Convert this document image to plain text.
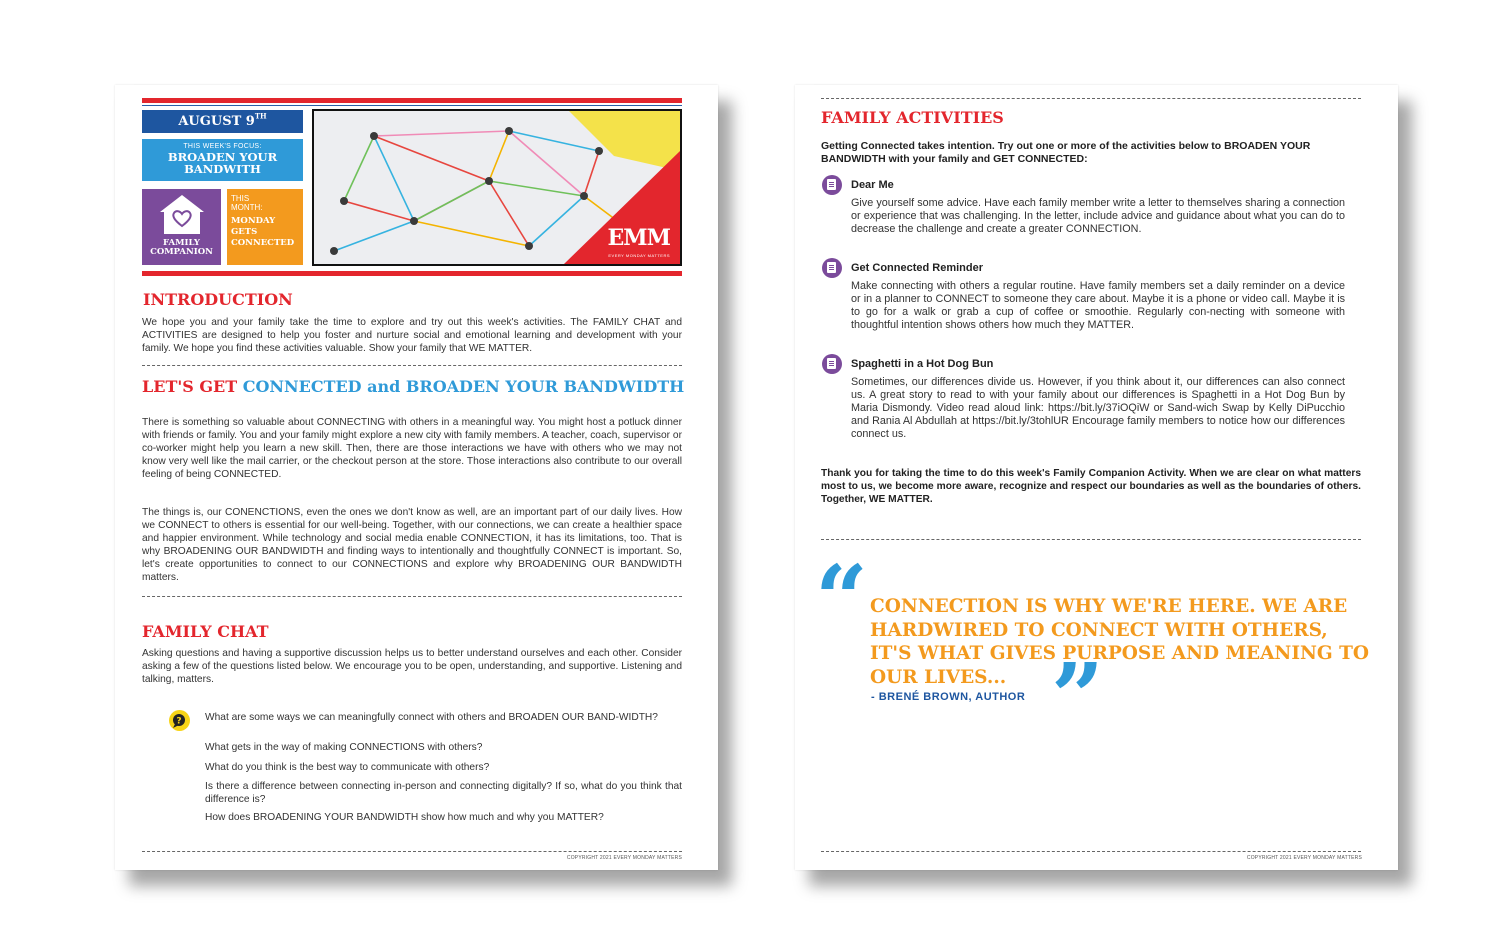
AUGUST 9TH
THIS WEEK'S FOCUS:
BROADEN YOUR BANDWITH
FAMILY COMPANION
THIS MONTH:
MONDAY GETS CONNECTED	EMM
EVERY MONDAY MATTERS
INTRODUCTION
We hope you and your family take the time to explore and try out this week's activities. The FAMILY CHAT and ACTIVITIES are designed to help you foster and nurture social and emotional learning and development with your family. We hope you find these activities valuable. Show your family that WE MATTER.
LET'S GET CONNECTED and BROADEN YOUR BANDWIDTH
There is something so valuable about CONNECTING with others in a meaningful way. You might host a potluck dinner with friends or family. You and your family might explore a new city with family members. A teacher, coach, supervisor or co-worker might help you learn a new skill. Then, there are those interactions we have with others who we may not know very well like the mail carrier, or the checkout person at the store. Those interactions also contribute to our overall feeling of being CONNECTED.
The things is, our CONENCTIONS, even the ones we don't know as well, are an important part of our daily lives. How we CONNECT to others is essential for our well-being. Together, with our connections, we can create a healthier space and happier environment. While technology and social media enable CONNECTION, it has its limitations, too. That is why BROADENING OUR BANDWIDTH and finding ways to intentionally and thoughtfully CONNECT is important. So, let's create opportunities to connect to our CONNECTIONS and explore why BROADENING OUR BANDWIDTH matters.
FAMILY CHAT
Asking questions and having a supportive discussion helps us to better understand ourselves and each other. Consider asking a few of the questions listed below. We encourage you to be open, understanding, and supportive. Listening and talking, matters.
? What are some ways we can meaningfully connect with others and BROADEN OUR BAND-WIDTH?
What gets in the way of making CONNECTIONS with others?
What do you think is the best way to communicate with others?
Is there a difference between connecting in-person and connecting digitally? If so, what do you think that difference is?
How does BROADENING YOUR BANDWIDTH show how much and why you MATTER?
COPYRIGHT 2021 EVERY MONDAY MATTERS
FAMILY ACTIVITIES
Getting Connected takes intention. Try out one or more of the activities below to BROADEN YOUR BANDWIDTH with your family and GET CONNECTED:
Dear Me
Give yourself some advice. Have each family member write a letter to themselves sharing a connection or experience that was challenging. In the letter, include advice and guidance about what you can do to decrease the challenge and create a greater CONNECTION.
Get Connected Reminder
Make connecting with others a regular routine. Have family members set a daily reminder on a device or in a planner to CONNECT to someone they care about. Maybe it is a phone or video call. Maybe it is to go for a walk or grab a cup of coffee or smoothie. Regularly con-necting with someone with thoughtful intention shows others how much they MATTER.
Spaghetti in a Hot Dog Bun
Sometimes, our differences divide us. However, if you think about it, our differences can also connect us. A great story to read to with your family about our differences is Spaghetti in a Hot Dog Bun by Maria Dismondy. Video read aloud link: https://bit.ly/37iOQiW or Sand-wich Swap by Kelly DiPucchio and Rania Al Abdullah at https://bit.ly/3tohlUR Encourage family members to notice how our differences connect us.
Thank you for taking the time to do this week's Family Companion Activity. When we are clear on what matters most to us, we become more aware, recognize and respect our boundaries as well as the boundaries of others. Together, WE MATTER.
“ CONNECTION IS WHY WE'RE HERE. WE ARE HARDWIRED TO CONNECT WITH OTHERS, IT'S WHAT GIVES PURPOSE AND MEANING TO OUR LIVES...
- BRENÉ BROWN, AUTHOR ”
COPYRIGHT 2021 EVERY MONDAY MATTERS
